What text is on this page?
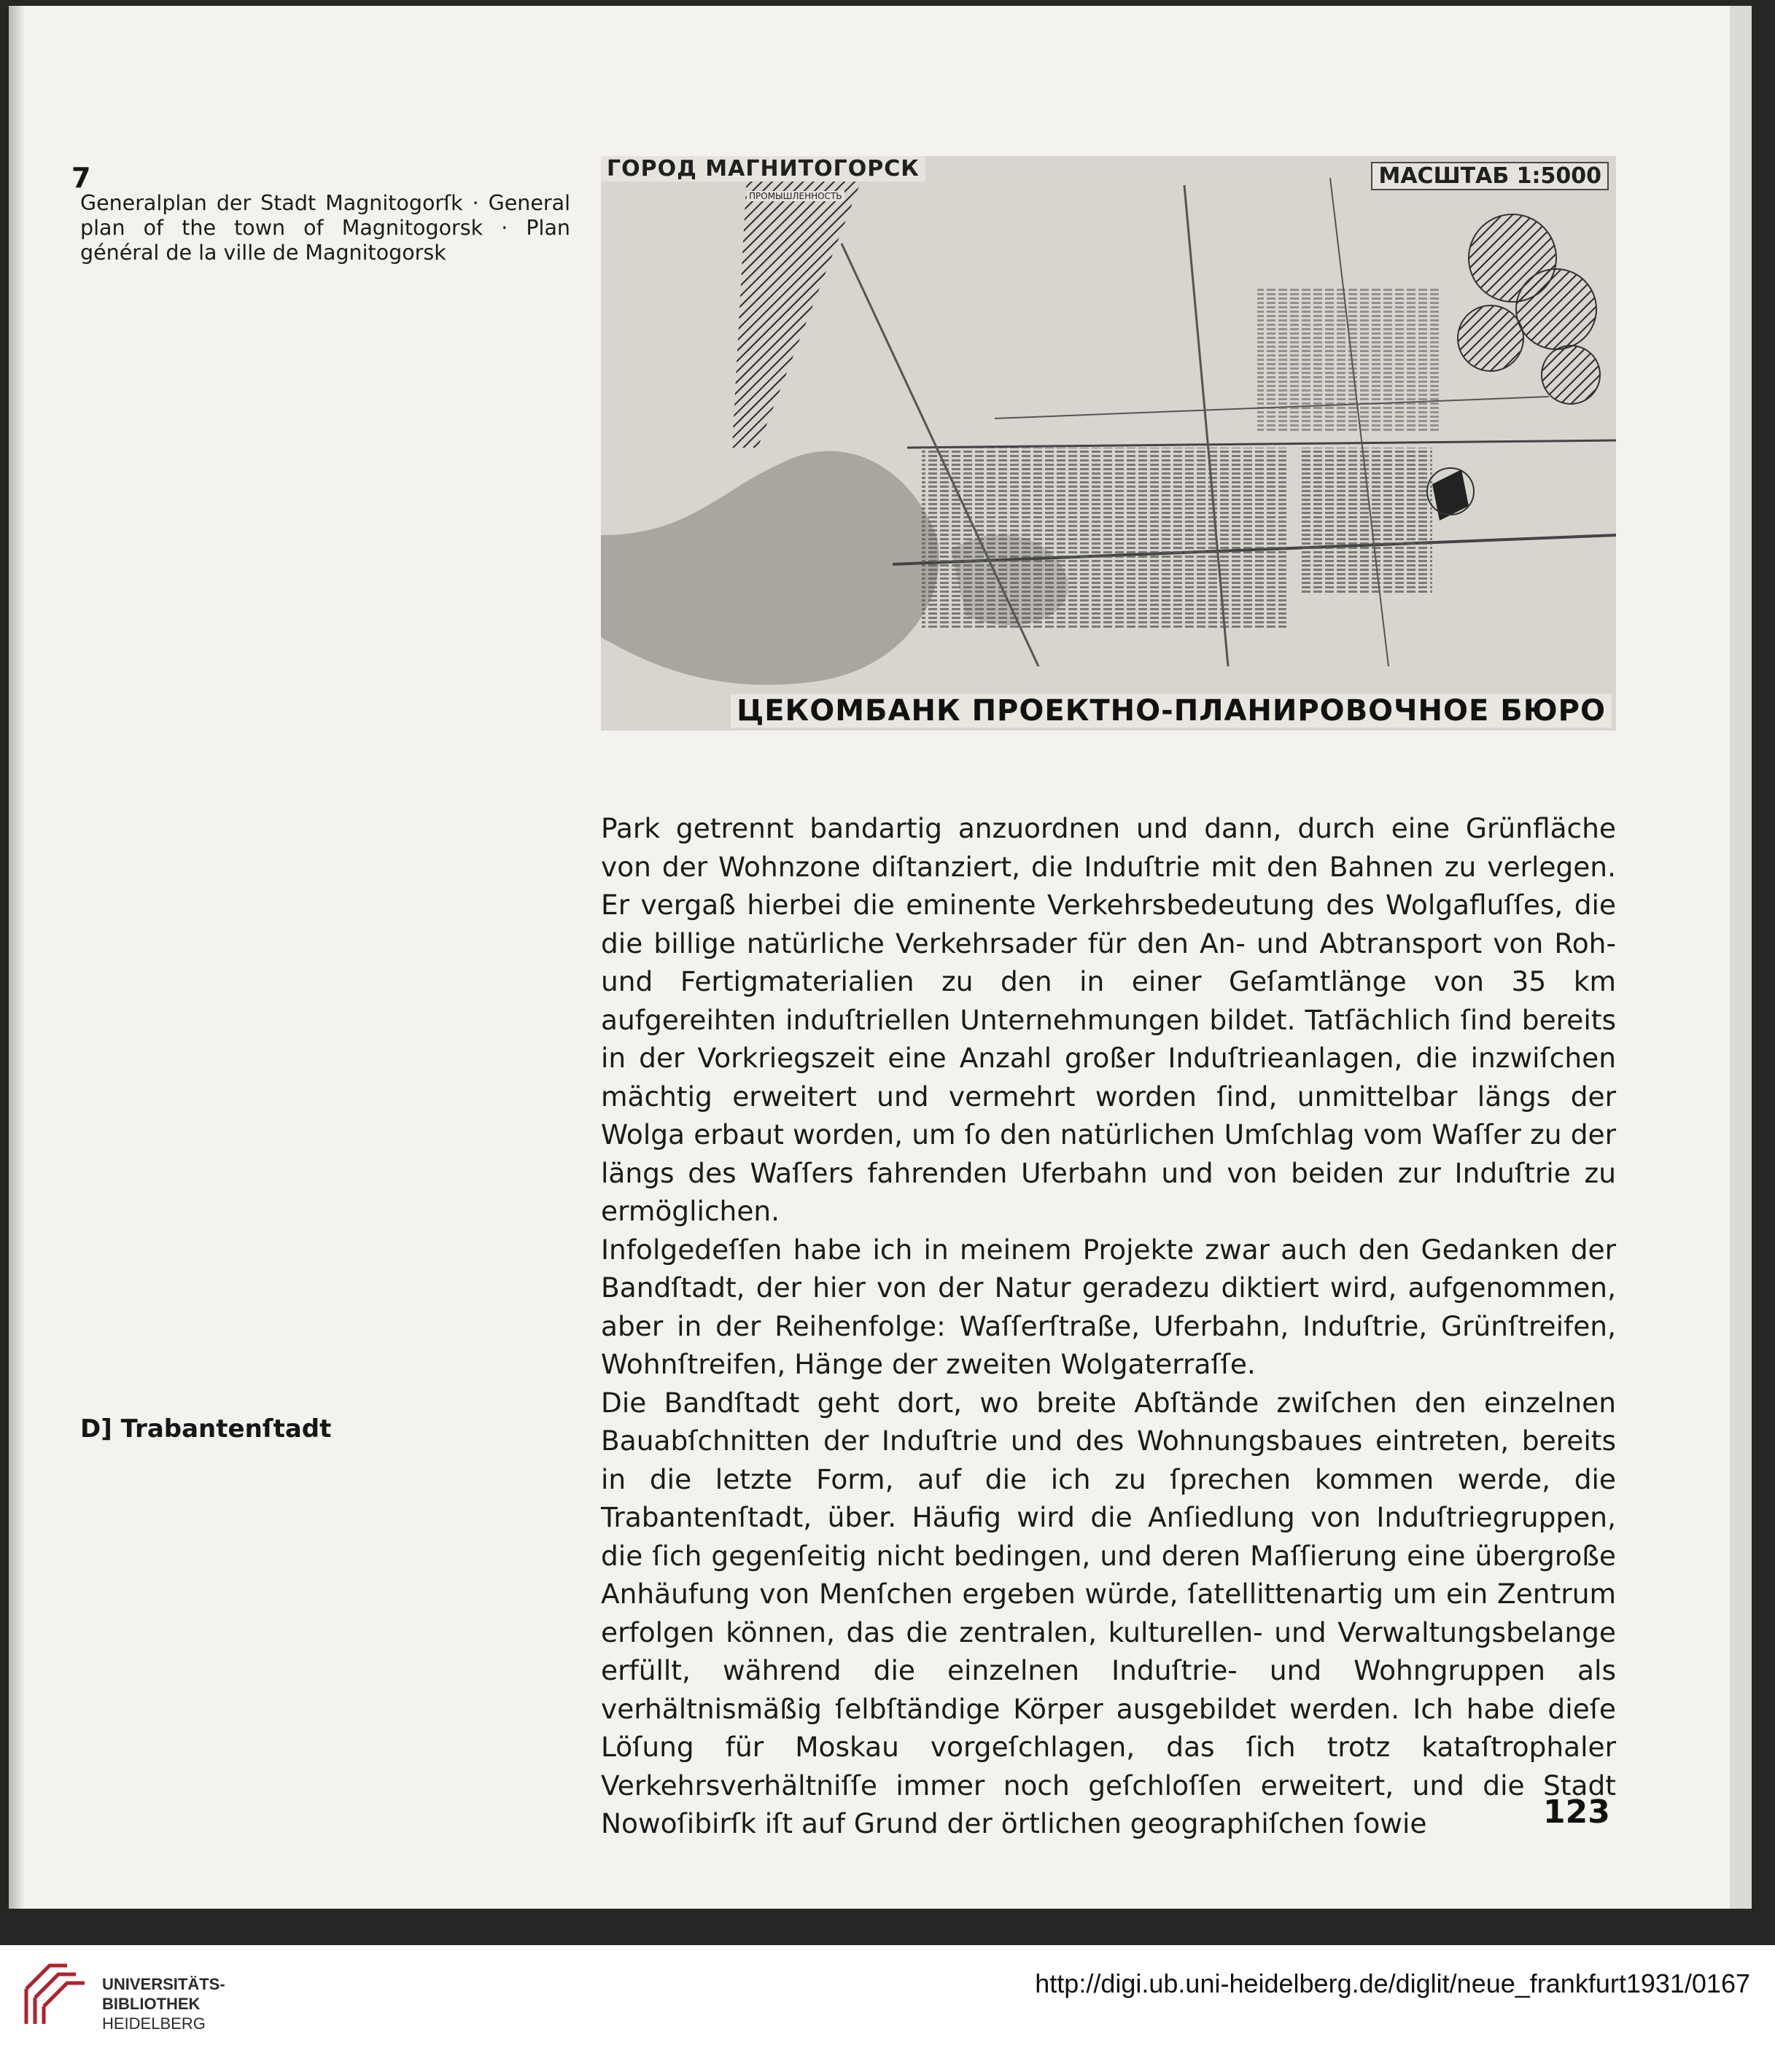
7
Generalplan der Stadt Magnitogorſk · General plan of the town of Magnitogorsk · Plan général de la ville de Magnitogorsk
ГОРОД МАГНИТОГОРСК	МАСШТАБ 1:5000
ЦЕКОМБАНК ПРОЕКТНО-ПЛАНИРОВОЧНОЕ БЮРО
ПРОМЫШЛЕННОСТЬ

Park getrennt bandartig anzuordnen und dann, durch eine Grünfläche von der Wohnzone diſtanziert, die Induſtrie mit den Bahnen zu verlegen. Er vergaß hierbei die eminente Verkehrsbedeutung des Wolgafluſſes, die die billige natürliche Verkehrsader für den An- und Abtransport von Roh- und Fertigmaterialien zu den in einer Geſamtlänge von 35 km aufgereihten induſtriellen Unternehmungen bildet. Tatſächlich ſind bereits in der Vorkriegszeit eine Anzahl großer Induſtrieanlagen, die inzwiſchen mächtig erweitert und vermehrt worden ſind, unmittelbar längs der Wolga erbaut worden, um ſo den natürlichen Umſchlag vom Waſſer zu der längs des Waſſers fahrenden Uferbahn und von beiden zur Induſtrie zu ermöglichen.

Infolgedeſſen habe ich in meinem Projekte zwar auch den Gedanken der Bandſtadt, der hier von der Natur geradezu diktiert wird, aufgenommen, aber in der Reihenfolge: Waſſerſtraße, Uferbahn, Induſtrie, Grünſtreifen, Wohnſtreifen, Hänge der zweiten Wolgaterraſſe.

Die Bandſtadt geht dort, wo breite Abſtände zwiſchen den einzelnen Bauabſchnitten der Induſtrie und des Wohnungsbaues eintreten, bereits in die letzte Form, auf die ich zu ſprechen kommen werde, die Trabantenſtadt, über. Häufig wird die Anſiedlung von Induſtriegruppen, die ſich gegenſeitig nicht bedingen, und deren Maſſierung eine übergroße Anhäufung von Menſchen ergeben würde, ſatellittenartig um ein Zentrum erfolgen können, das die zentralen, kulturellen- und Verwaltungsbelange erfüllt, während die einzelnen Induſtrie- und Wohngruppen als verhältnismäßig ſelbſtändige Körper ausgebildet werden. Ich habe dieſe Löſung für Moskau vorgeſchlagen, das ſich trotz kataſtrophaler Verkehrsverhältniſſe immer noch geſchloſſen erweitert, und die Stadt Nowoſibirſk iſt auf Grund der örtlichen geographiſchen ſowie

D] Trabantenſtadt
123
UNIVERSITÄTS-
BIBLIOTHEK
HEIDELBERG
http://digi.ub.uni-heidelberg.de/diglit/neue_frankfurt1931/0167
